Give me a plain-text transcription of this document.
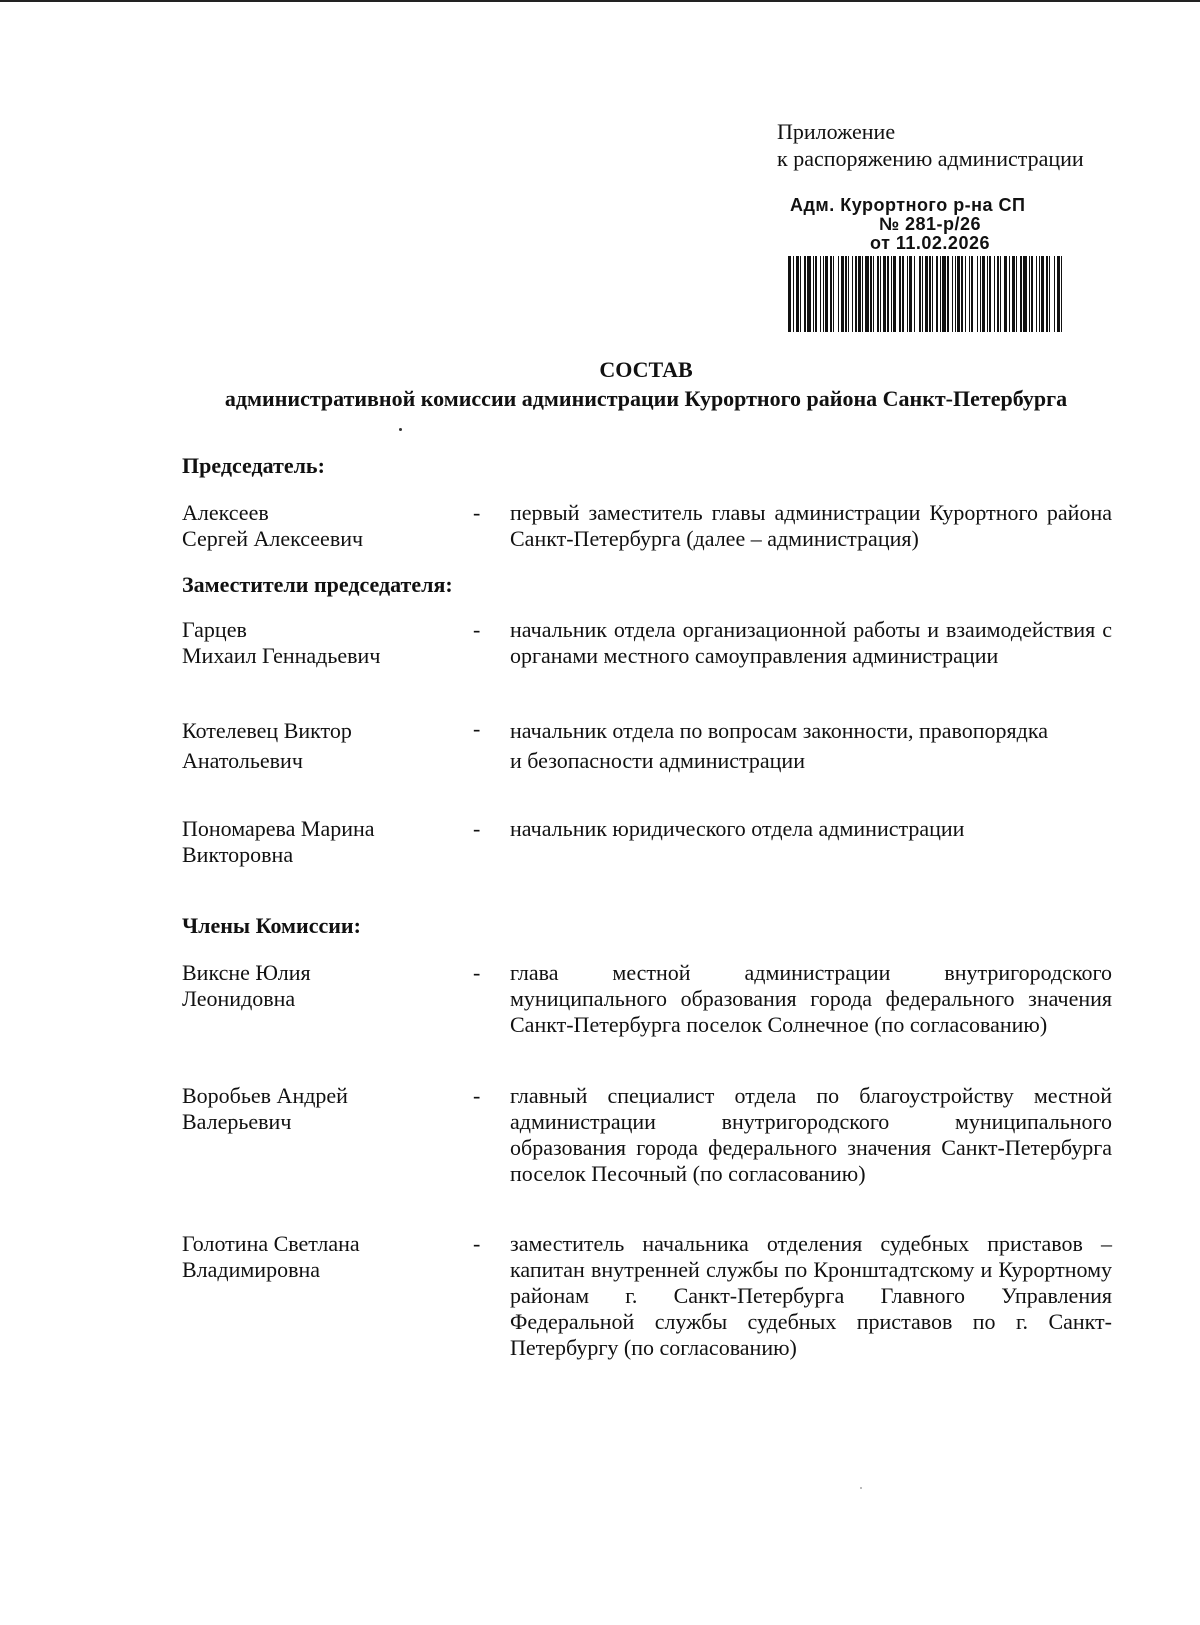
Приложение
к распоряжению администрации
Адм. Курортного р-на СП
№ 281-р/26
от 11.02.2026
СОСТАВ
административной комиссии администрации Курортного района Санкт-Петербурга
Председатель:
Алексеев
Сергей Алексеевич
- первый заместитель главы администрации Курортного района Санкт-Петербурга (далее – администрация)
Заместители председателя:
Гарцев
Михаил Геннадьевич
- начальник отдела организационной работы и взаимодействия с органами местного самоуправления администрации
Котелевец Виктор
Анатольевич
- начальник отдела по вопросам законности, правопорядка
и безопасности администрации
Пономарева Марина
Викторовна
- начальник юридического отдела администрации
Члены Комиссии:
Викснe Юлия
Леонидовна
- глава местной администрации внутригородского муниципального образования города федерального значения Санкт-Петербурга поселок Солнечное (по согласованию)
Воробьев Андрей
Валерьевич
- главный специалист отдела по благоустройству местной администрации внутригородского муниципального образования города федерального значения Санкт-Петербурга поселок Песочный (по согласованию)
Голотина Светлана
Владимировна
- заместитель начальника отделения судебных приставов – капитан внутренней службы по Кронштадтскому и Курортному районам г. Санкт-Петербурга Главного Управления Федеральной службы судебных приставов по г. Санкт-Петербургу (по согласованию)
